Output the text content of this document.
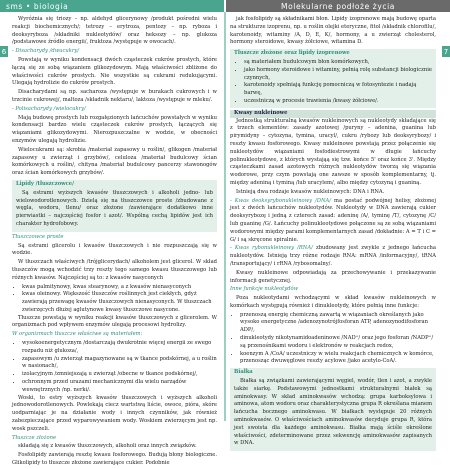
sms • biologia	Molekularne podłoże życia
6	7

Wyróżnia się triozy – np. aldehyd glicerynowy /produkt pośredni wielu reakcji biochemicznych/; tetrozy – erytroza, pentozy – np. ryboza i deoksyryboza /składniki nukleotydów/ oraz heksozy – np. glukoza /podstawowe źródło energii/, fruktoza /występuje w owocach/.

- Disacharydy /dwucukry/

Powstają w wyniku kondensacji dwóch cząsteczek cukrów prostych, które łączą się ze sobą wiązaniem glikozydowym. Mają właściwości zbliżone do właściwości cukrów prostych. Nie wszystkie są cukrami redukującymi. Ulegają hydrolizie do cukrów prostych.

Disacharydami są np. sacharoza /występuje w burakach cukrowych i w trzcinie cukrowej/, maltoza /składnik nektaru/, laktoza /występuje w mleku/.

- Polisacharydy /wielocukry/

Mają budowę prostych lub rozgałęzionych łańcuchów powstałych w wyniku kondensacji bardzo wielu cząsteczek cukrów prostych, łączących się wiązaniami glikozydowymi. Nierozpuszczalne w wodzie, w obecności enzymów ulegają hydrolizie.

Wielocukrami są: skrobia /materiał zapasowy u roślin/, glikogen /materiał zapasowy u zwierząt i grzybów/, celuloza /materiał budulcowy ścian komórkowych u roślin/, chityna /materiał budulcowy pancerzy stawonogów oraz ścian komórkowych grzybów/.

Lipidy /tłuszczowce/

Są estrami wyższych kwasów tłuszczowych i alkoholi jedno- lub wielowodorotlenowych. Dzielą się na tłuszczowce proste /zbudowane z węgla, wodoru, tlenu/ oraz złożone /zawierające dodatkowo inne pierwiastki – najczęściej fosfor i azot/. Wspólną cechą lipidów jest ich charakter hydrofobowy.

Tłuszczowce proste

Są estrami glicerolu i kwasów tłuszczowych i nie rozpuszczają się w wodzie.

W tłuszczach właściwych /trójglicerydach/ alkoholem jest glicerol. W skład tłuszczów mogą wchodzić trzy reszty tego samego kwasu tłuszczowego lub różnych kwasów. Najczęściej są to: z kwasów nasyconych

• kwas palmitynowy, kwas stearynowy, a z kwasów nienasyconych
• kwas oleinowy. Większość tłuszczów roślinnych jest ciekłych, gdyż zawierają przewagę kwasów tłuszczowych nienasyconych. W tłuszczach zwierzęcych dłużej aglutynowe kwasy tłuszczowe nasycone.

Tłuszcze powstają w wyniku reakcji kwasów tłuszczowych z glicerolem. W organizmach pod wpływem enzymów ulegają procesowi hydrolizy.

W organizmach tłuszcze właściwe są materiałem:

• wysokoenergetycznym /dostarczają dwukrotnie więcej energii ze swego rozpadu niż glukoza/,
• zapasowym /u zwierząt magazynowane są w tkance podskórnej, a u roślin w nasionach/,
• izolacyjnym /zmniejszają u zwierząt /obecne w tkance podskórnej/,
• ochronnym przed urazami mechanicznymi dla wielu narządów wewnętrznych /np. nerki/.

Woski, to estry wyższych kwasów tłuszczowych i wyższych alkoholi jednowodorotlenowych. Powlekają ciecz wartstwą liście, owoce, pióra, skóre uodparniając je na działanie wody i innych czynników, jak również zabezpieczające przed wyparowywaniem wody. Woskiem zwierzęcym jest np. wosk pszczeli.

Tłuszcze złożone

składają się z kwasów tłuszczowych, alkoholi oraz innych związków.

Fosfolipidy zawierają resztę kwasu fosforowego. Budują błony biologiczne. Glikolipidy to tłuszcze złożone zawierające cukier. Podobnie

jak fosfolipidy są składnikami błon. Lipidy izoprenowe mają budowę oparta na strukturze izoprenu, np. u roślin olejki eteryczne, fitol /składnik chlorofilu/, karotenoidy, witaminy /A, D, E, K/, hormony, a u zwierząt cholesterol, hormony steroidowe, kwasy żółciowe, witamina D.

Tłuszcze złożone oraz lipidy izoprenowe

• są materiałem budulcowym błon komórkowych,
• jako hormony steroidowe i witaminy, pełnią rolę substancji biologicznie czynnych,
• karotenoidy spełniają funkcję pomocniczą w fotosyntezie i nadają barwę,
• uczestniczą w procesie trawienia /kwasy żółciowe/.
Kwasy nukleinowe

Jednostką strukturalną kwasów nukleinowych są nukleotydy składające się z trzech elementów: zasady azotowej /puryny – adenina, guanina lub pirymidyny – cytozyna, tymina, uracyl/, cukru /rybozy lub deoksyrybozy/ i reszty kwasu fosforowego. Kwasy nukleinowe powstają przez połączenie się nukleotydów wiązaniami fosfodiestrowymi w długie łańcuchy polinukleotydowe, z których wystająą się tzw. końce 5' oraz końce 3'. Między cząsteczkami zasad azotowych różnych nukleotydów tworzą się wiązania wodorowe, przy czym powstają one zawsze w sposób komplementarny, tj. między adeniną i tyminą /lub uracylem/, albo między cytozyną i guaniną.

Istnieją dwa rodzaje kwasów nukleinowych: DNA i RNA.

- Kwas deoksyrybonukleinowy /DNA/ ma postać podwójnej helisy, złożonej jest z dwóch łańcuchów nukleotydów. Nukleotydy w DNA zawierają cukier deoksyrybozę i jedną z czterech zasad: adeninę /A/, tyminę /T/, cytozynę /C/ lub guaninę /G/. Łańcuchy polinukleotydowe połączone są ze sobą wiązaniami wodorowymi między parami komplementarnych zasad /dokładnie: A = T i C = G/ i są skręcone spiralnie.

- Kwas rybonukleinowy /RNA/ zbudowany jest zwykle z jednego łańcucha nukleotydów. Istnieją trzy różne rodzaje RNA: mRNA /informacyjny/, tRNA /transportujący/ i rRNA /rybosomalny/.

Kwasy nukleinowe odpowiadają za przechowywanie i przekazywanie informacji genetycznej.

Inne funkcje nukleotydów

Poza nukleotydami wchodzącymi w skład kwasów nukleinowych w komórkach występują również i dinukleotydy, które pełnią inne funkcje:

• przenoszą energię chemiczną zawartą w wiązaniach określanych jako wysoko energetyczne /adenozynotrójfosforan ATP, adenozynodifosforan ADP/,
• dinukleotydy nikotynamidoadeninowe /NAD⁺/ oraz jego fosforan /NADP⁺/ są przenośnikami wodoru i elektronów w reakcjach redox,
• koenzym A /CoA/ uczestniczy w wielu reakcjach chemicznych w komórce, przenosząc dwuwęglowe reszty acylowe /jako acetylo-CoA/.

Białka

Białka są związkami zawierającymi węgiel, wodór, tlen i azot, a zwykle także siarkę. Podstawowymi jednostkami strukturalnymi białek są aminokwasy. W skład aminokwasów wchodzą: grupa karboksylowa i aminowa, atom wodoru oraz charakterystyczna grupa R określana mianem łańcucha bocznego aminokwasu. W białkach występuje 20 różnych aminokwasów. O właściwościach aminokwasów decyduje grupa R, która jest swoista dla każdego aminokwasu. Białka mają ściśle określone właściwości, zdeterminowane przez sekwencję aminokwasów zapisanych w DNA.
